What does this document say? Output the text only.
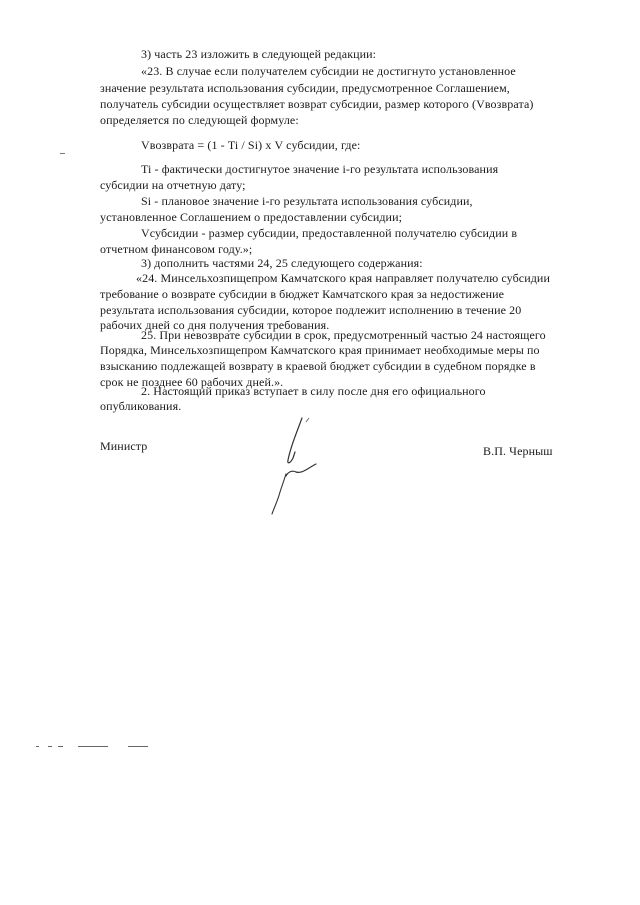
3) часть 23 изложить в следующей редакции:

«23. В случае если получателем субсидии не достигнуто установленное

значение результата использования субсидии, предусмотренное Соглашением,

получатель субсидии осуществляет возврат субсидии, размер которого (Vвозврата)

определяется по следующей формуле:

Vвозврата = (1 - Ti / Si) х V субсидии, где:

Ti - фактически достигнутое значение i-го результата использования

субсидии на отчетную дату;

Si - плановое значение i-го результата использования субсидии,

установленное Соглашением о предоставлении субсидии;

Vсубсидии - размер субсидии, предоставленной получателю субсидии в

отчетном финансовом году.»;

3) дополнить частями 24, 25 следующего содержания:

«24. Минсельхозпищепром Камчатского края направляет получателю субсидии

требование о возврате субсидии в бюджет Камчатского края за недостижение

результата использования субсидии, которое подлежит исполнению в течение 20

рабочих дней со дня получения требования.

25. При невозврате субсидии в срок, предусмотренный частью 24 настоящего

Порядка, Минсельхозпищепром Камчатского края принимает необходимые меры по

взысканию подлежащей возврату в краевой бюджет субсидии в судебном порядке в

срок не позднее 60 рабочих дней.».

2. Настоящий приказ вступает в силу после дня его официального

опубликования.

Министр	В.П. Черныш
